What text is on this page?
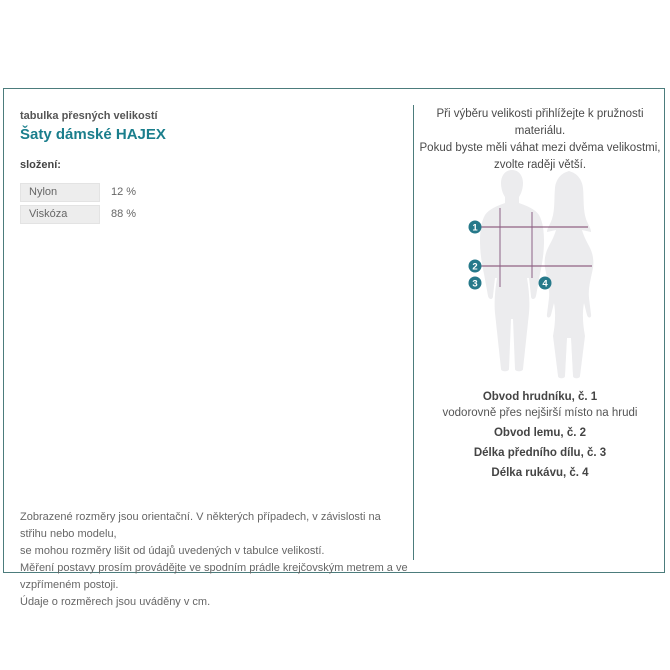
tabulka přesných velikostí
Šaty dámské HAJEX
složení:
Nylon	12 %
Viskóza	88 %
Zobrazené rozměry jsou orientační. V některých případech, v závislosti na střihu nebo modelu,
se mohou rozměry lišit od údajů uvedených v tabulce velikostí.
Měření postavy prosím provádějte ve spodním prádle krejčovským metrem a ve vzpřímeném postoji.
Údaje o rozměrech jsou uváděny v cm.
Při výběru velikosti přihlížejte k pružnosti materiálu.
Pokud byste měli váhat mezi dvěma velikostmi,
zvolte raději větší.
1
2
3	4
Obvod hrudníku, č. 1
vodorovně přes nejširší místo na hrudi
Obvod lemu, č. 2
Délka předního dílu, č. 3
Délka rukávu, č. 4
